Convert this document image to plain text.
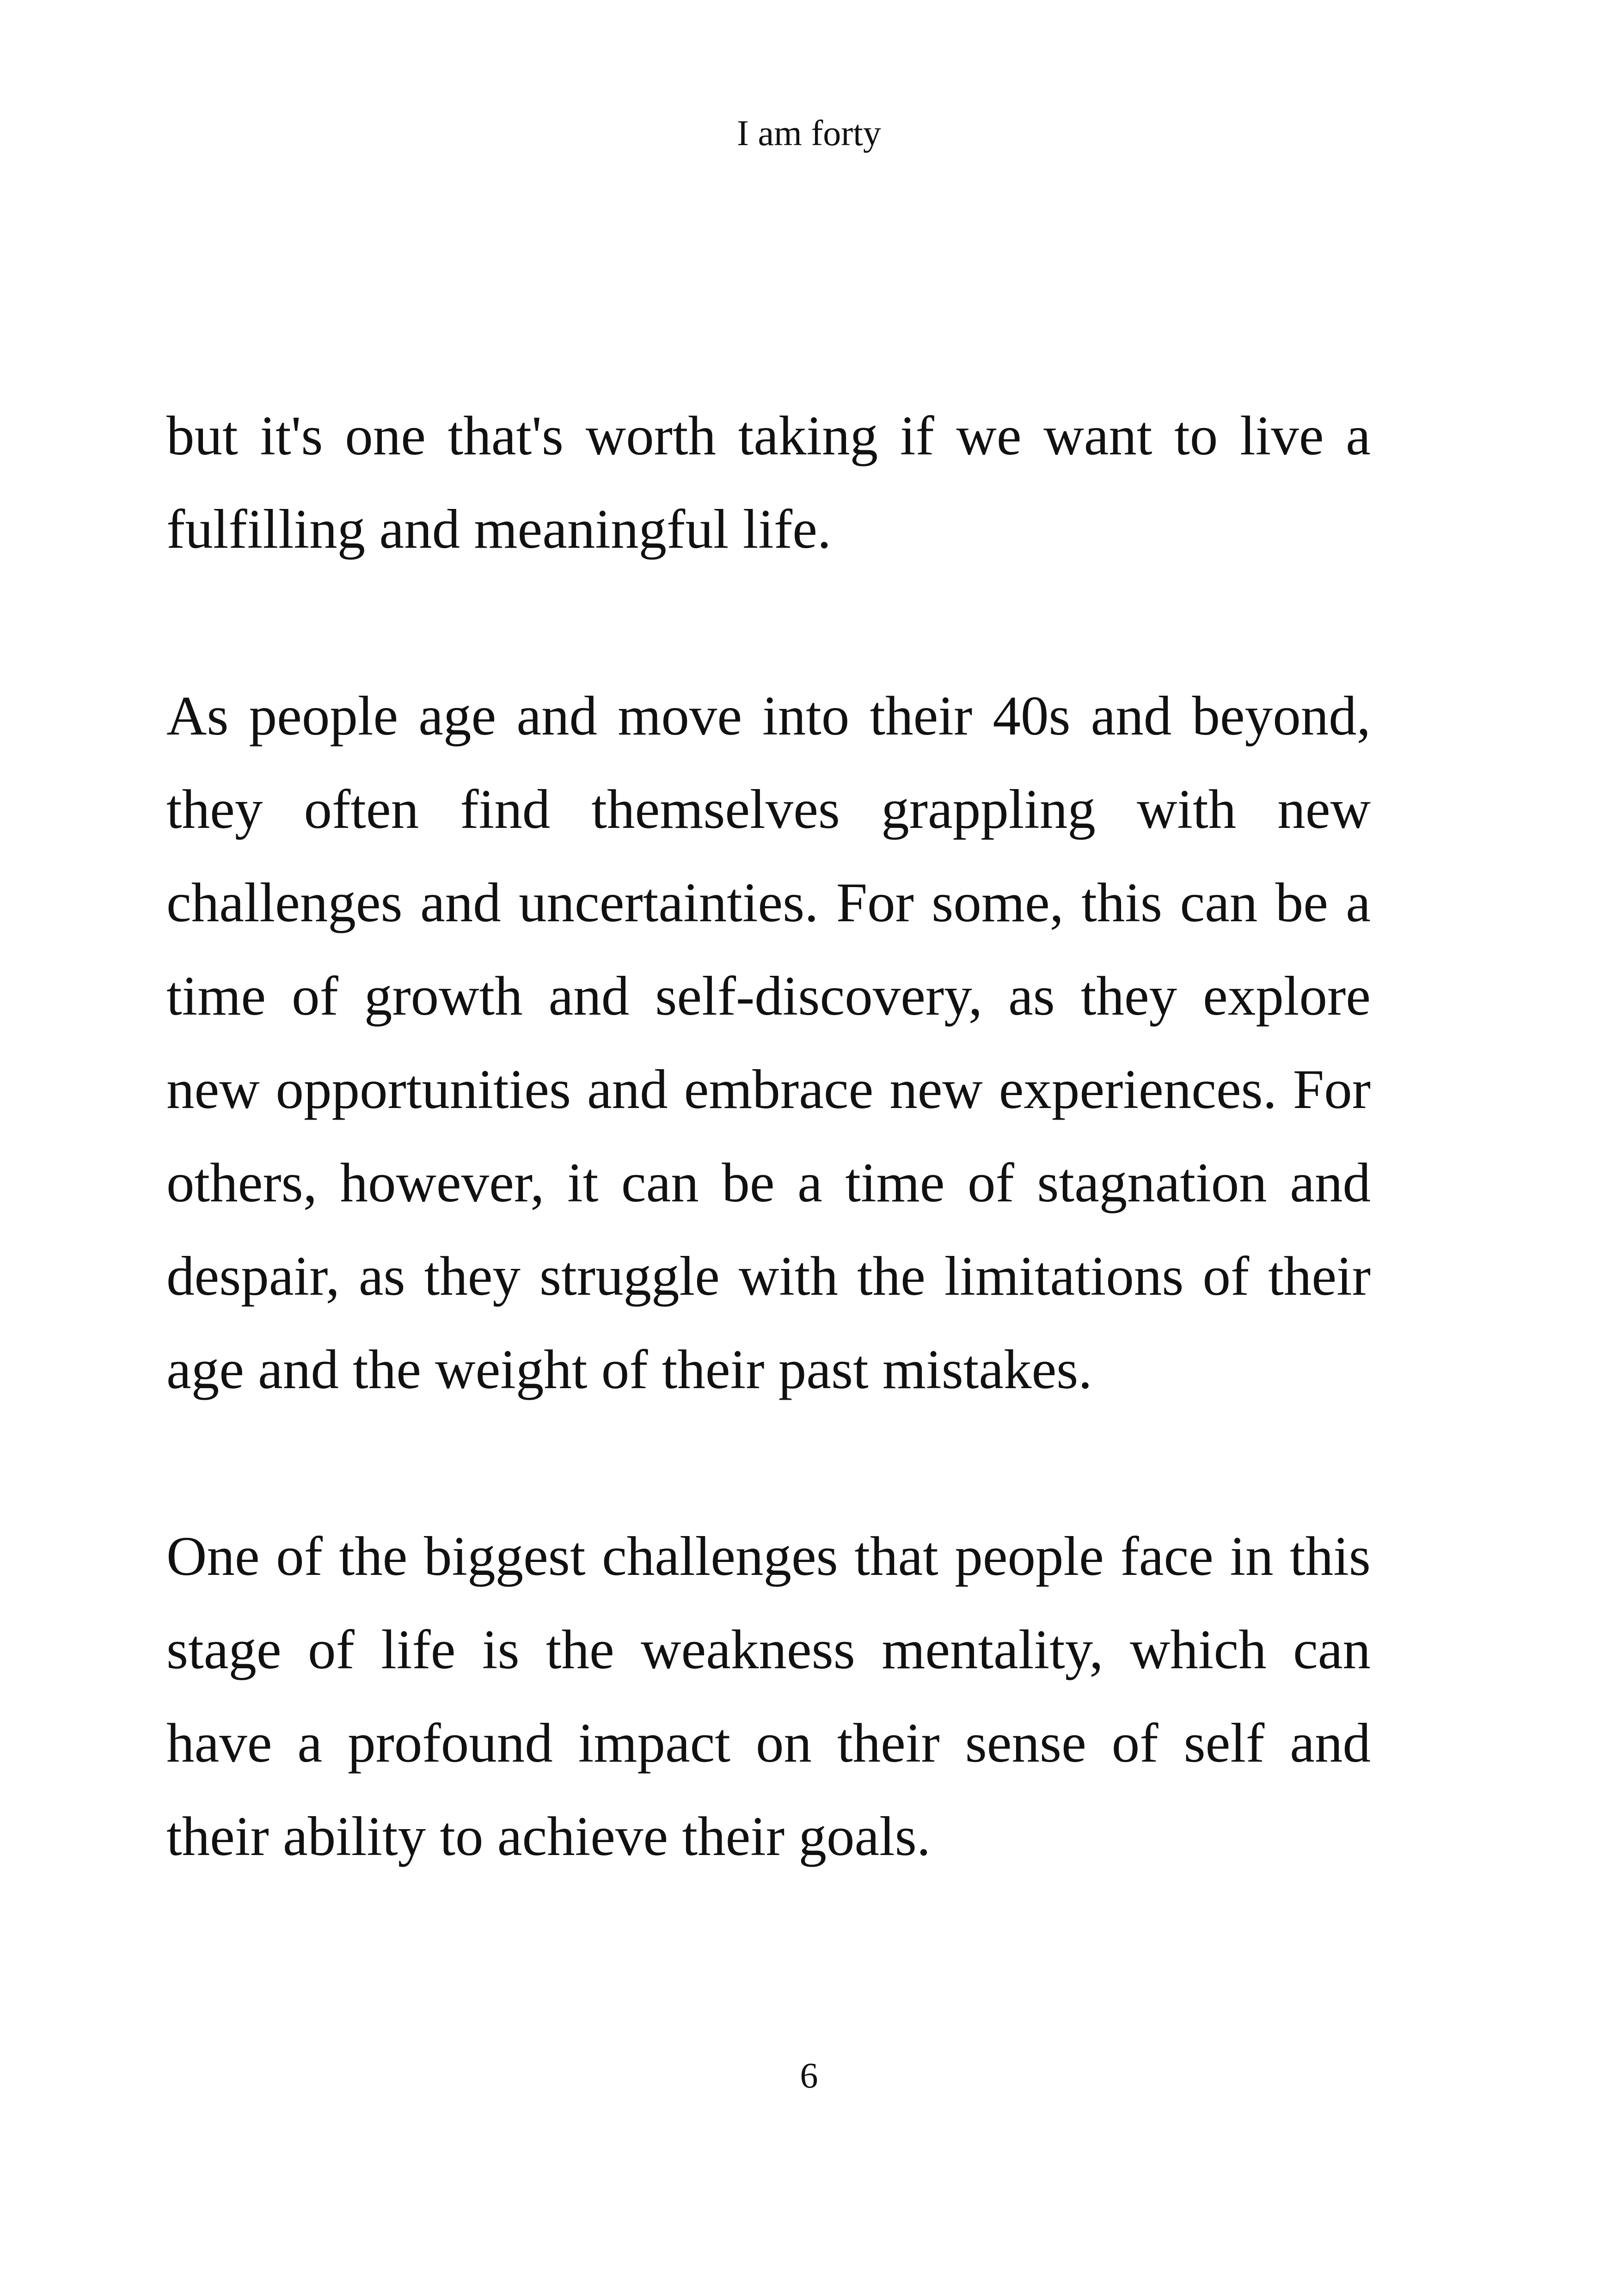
I am forty

but it's one that's worth taking if we want to live a fulfilling and meaningful life.

As people age and move into their 40s and beyond, they often find themselves grappling with new challenges and uncertainties. For some, this can be a time of growth and self-discovery, as they explore new opportunities and embrace new experiences. For others, however, it can be a time of stagnation and despair, as they struggle with the limitations of their age and the weight of their past mistakes.

One of the biggest challenges that people face in this stage of life is the weakness mentality, which can have a profound impact on their sense of self and their ability to achieve their goals.

6
